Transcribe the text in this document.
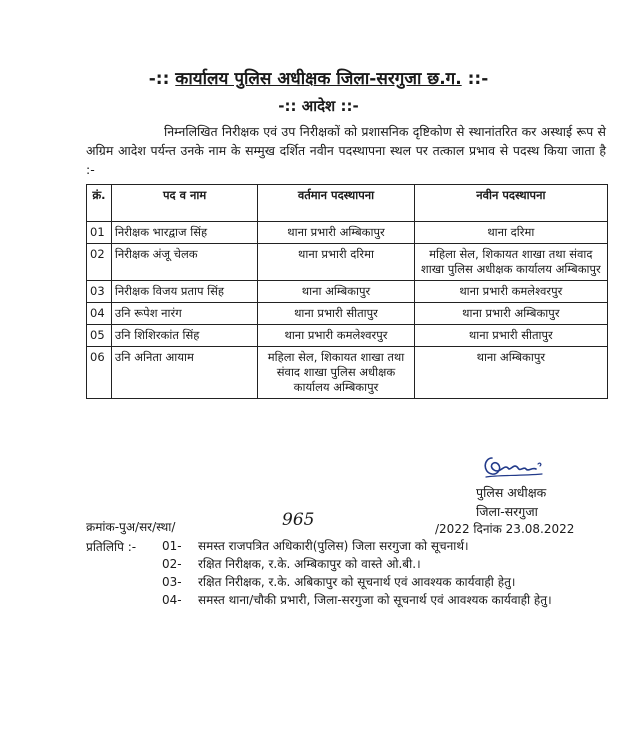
-:: कार्यालय पुलिस अधीक्षक जिला-सरगुजा छ.ग. ::-
-:: आदेश ::-
निम्नलिखित निरीक्षक एवं उप निरीक्षकों को प्रशासनिक दृष्टिकोण से स्थानांतरित कर अस्थाई रूप से अग्रिम आदेश पर्यन्त उनके नाम के सम्मुख दर्शित नवीन पदस्थापना स्थल पर तत्काल प्रभाव से पदस्थ किया जाता है :-
क्रं.	पद व नाम	वर्तमान पदस्थापना	नवीन पदस्थापना
01	निरीक्षक भारद्वाज सिंह	थाना प्रभारी अम्बिकापुर	थाना दरिमा
02	निरीक्षक अंजू चेलक	थाना प्रभारी दरिमा	महिला सेल, शिकायत शाखा तथा संवाद शाखा पुलिस अधीक्षक कार्यालय अम्बिकापुर
03	निरीक्षक विजय प्रताप सिंह	थाना अम्बिकापुर	थाना प्रभारी कमलेश्वरपुर
04	उनि रूपेश नारंग	थाना प्रभारी सीतापुर	थाना प्रभारी अम्बिकापुर
05	उनि शिशिरकांत सिंह	थाना प्रभारी कमलेश्वरपुर	थाना प्रभारी सीतापुर
06	उनि अनिता आयाम	महिला सेल, शिकायत शाखा तथा संवाद शाखा पुलिस अधीक्षक कार्यालय अम्बिकापुर	थाना अम्बिकापुर
पुलिस अधीक्षक
जिला-सरगुजा
क्रमांक-पुअ/सर/स्था/	965	/2022 दिनांक 23.08.2022
प्रतिलिपि :- 01- समस्त राजपत्रित अधिकारी(पुलिस) जिला सरगुजा को सूचनार्थ।
02- रक्षित निरीक्षक, र.के. अम्बिकापुर को वास्ते ओ.बी.।
03- रक्षित निरीक्षक, र.के. अबिकापुर को सूचनार्थ एवं आवश्यक कार्यवाही हेतु।
04- समस्त थाना/चौकी प्रभारी, जिला-सरगुजा को सूचनार्थ एवं आवश्यक कार्यवाही हेतु।
